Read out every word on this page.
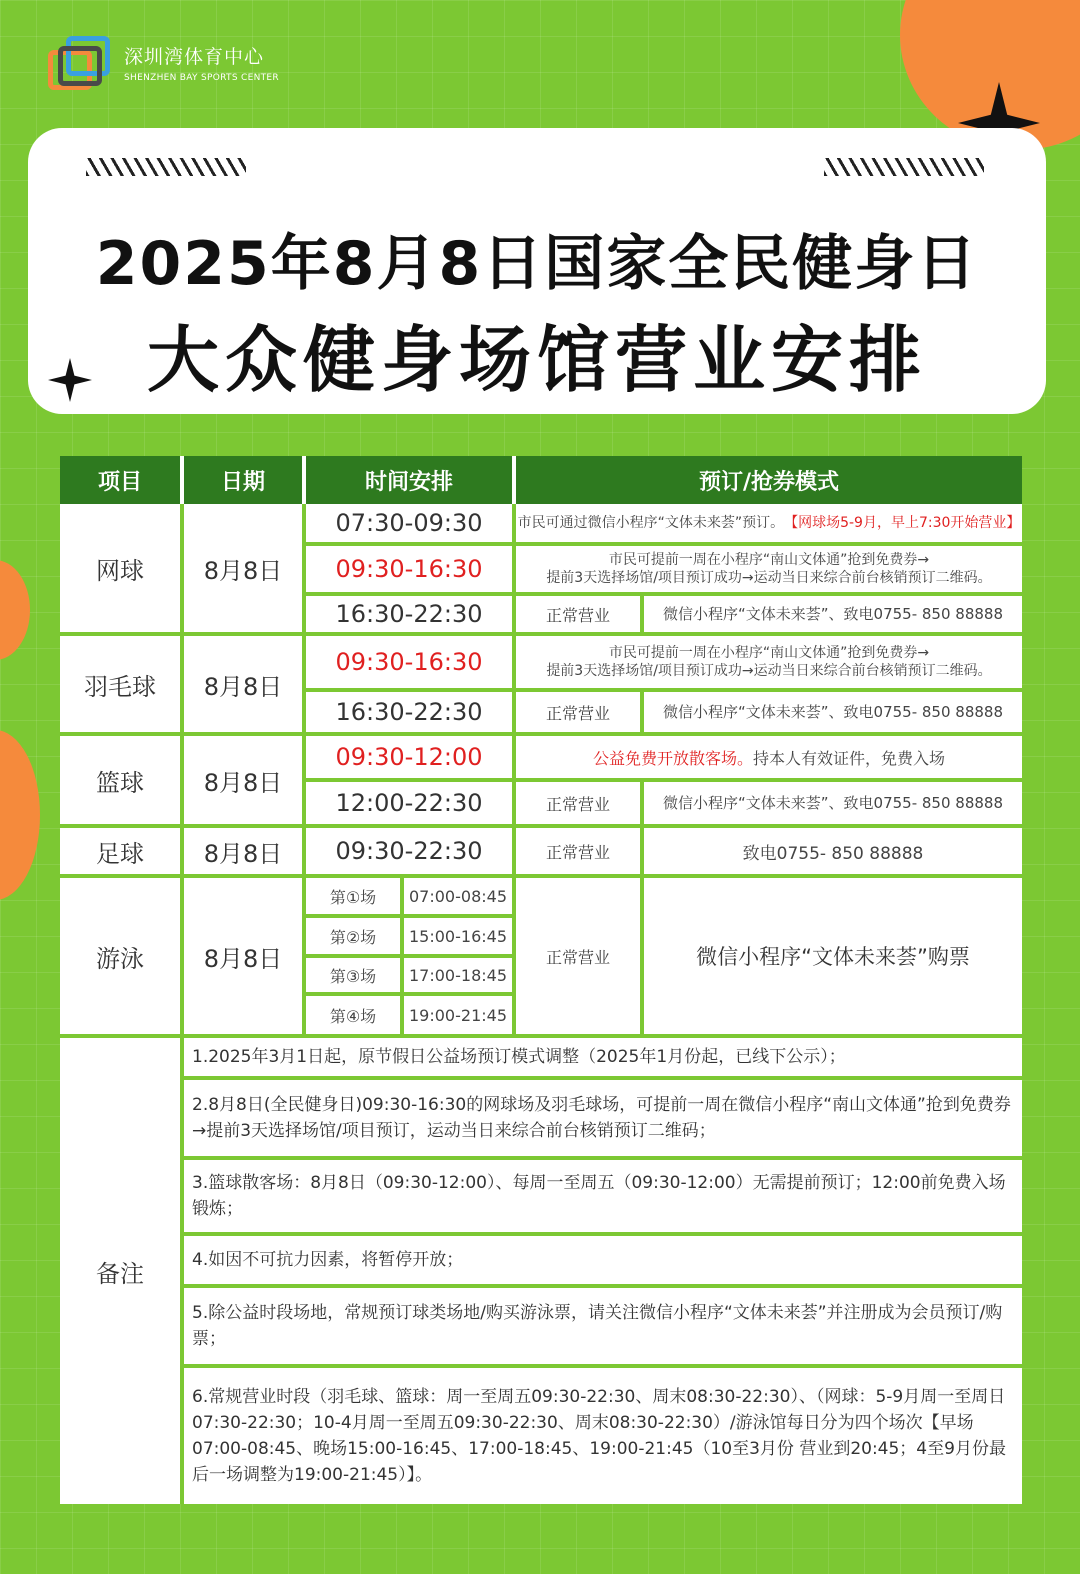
深圳湾体育中心
SHENZHEN BAY SPORTS CENTER
2025年8月8日国家全民健身日
大众健身场馆营业安排
项目	日期	时间安排	预订/抢券模式
网球	8月8日
07:30-09:30	市民可通过微信小程序“文体未来荟”预订。 【网球场5-9月，早上7:30开始营业】
09:30-16:30	市民可提前一周在小程序“南山文体通”抢到免费券→
提前3天选择场馆/项目预订成功→运动当日来综合前台核销预订二维码。
16:30-22:30	正常营业	微信小程序“文体未来荟”、致电0755- 850 88888
羽毛球	8月8日
09:30-16:30	市民可提前一周在小程序“南山文体通”抢到免费券→
提前3天选择场馆/项目预订成功→运动当日来综合前台核销预订二维码。
16:30-22:30	正常营业	微信小程序“文体未来荟”、致电0755- 850 88888
篮球	8月8日
09:30-12:00	公益免费开放散客场。 持本人有效证件，免费入场
12:00-22:30	正常营业	微信小程序“文体未来荟”、致电0755- 850 88888
足球	8月8日	09:30-22:30	正常营业	致电0755- 850 88888
游泳	8月8日
第①场	07:00-08:45
第②场	15:00-16:45
第③场	17:00-18:45
第④场	19:00-21:45
正常营业	微信小程序“文体未来荟”购票
备注
1.2025年3月1日起，原节假日公益场预订模式调整（2025年1月份起，已线下公示）；
2.8月8日(全民健身日)09:30-16:30的网球场及羽毛球场，可提前一周在微信小程序“南山文体通”抢到免费券→提前3天选择场馆/项目预订，运动当日来综合前台核销预订二维码；
3.篮球散客场：8月8日（09:30-12:00）、每周一至周五（09:30-12:00）无需提前预订；12:00前免费入场锻炼；
4.如因不可抗力因素，将暂停开放；
5.除公益时段场地，常规预订球类场地/购买游泳票，请关注微信小程序“文体未来荟”并注册成为会员预订/购票；
6.常规营业时段（羽毛球、篮球：周一至周五09:30-22:30、周末08:30-22:30）、（网球：5-9月周一至周日07:30-22:30；10-4月周一至周五09:30-22:30、周末08:30-22:30）/游泳馆每日分为四个场次【早场07:00-08:45、晚场15:00-16:45、17:00-18:45、19:00-21:45（10至3月份 营业到20:45；4至9月份最后一场调整为19:00-21:45）】。
